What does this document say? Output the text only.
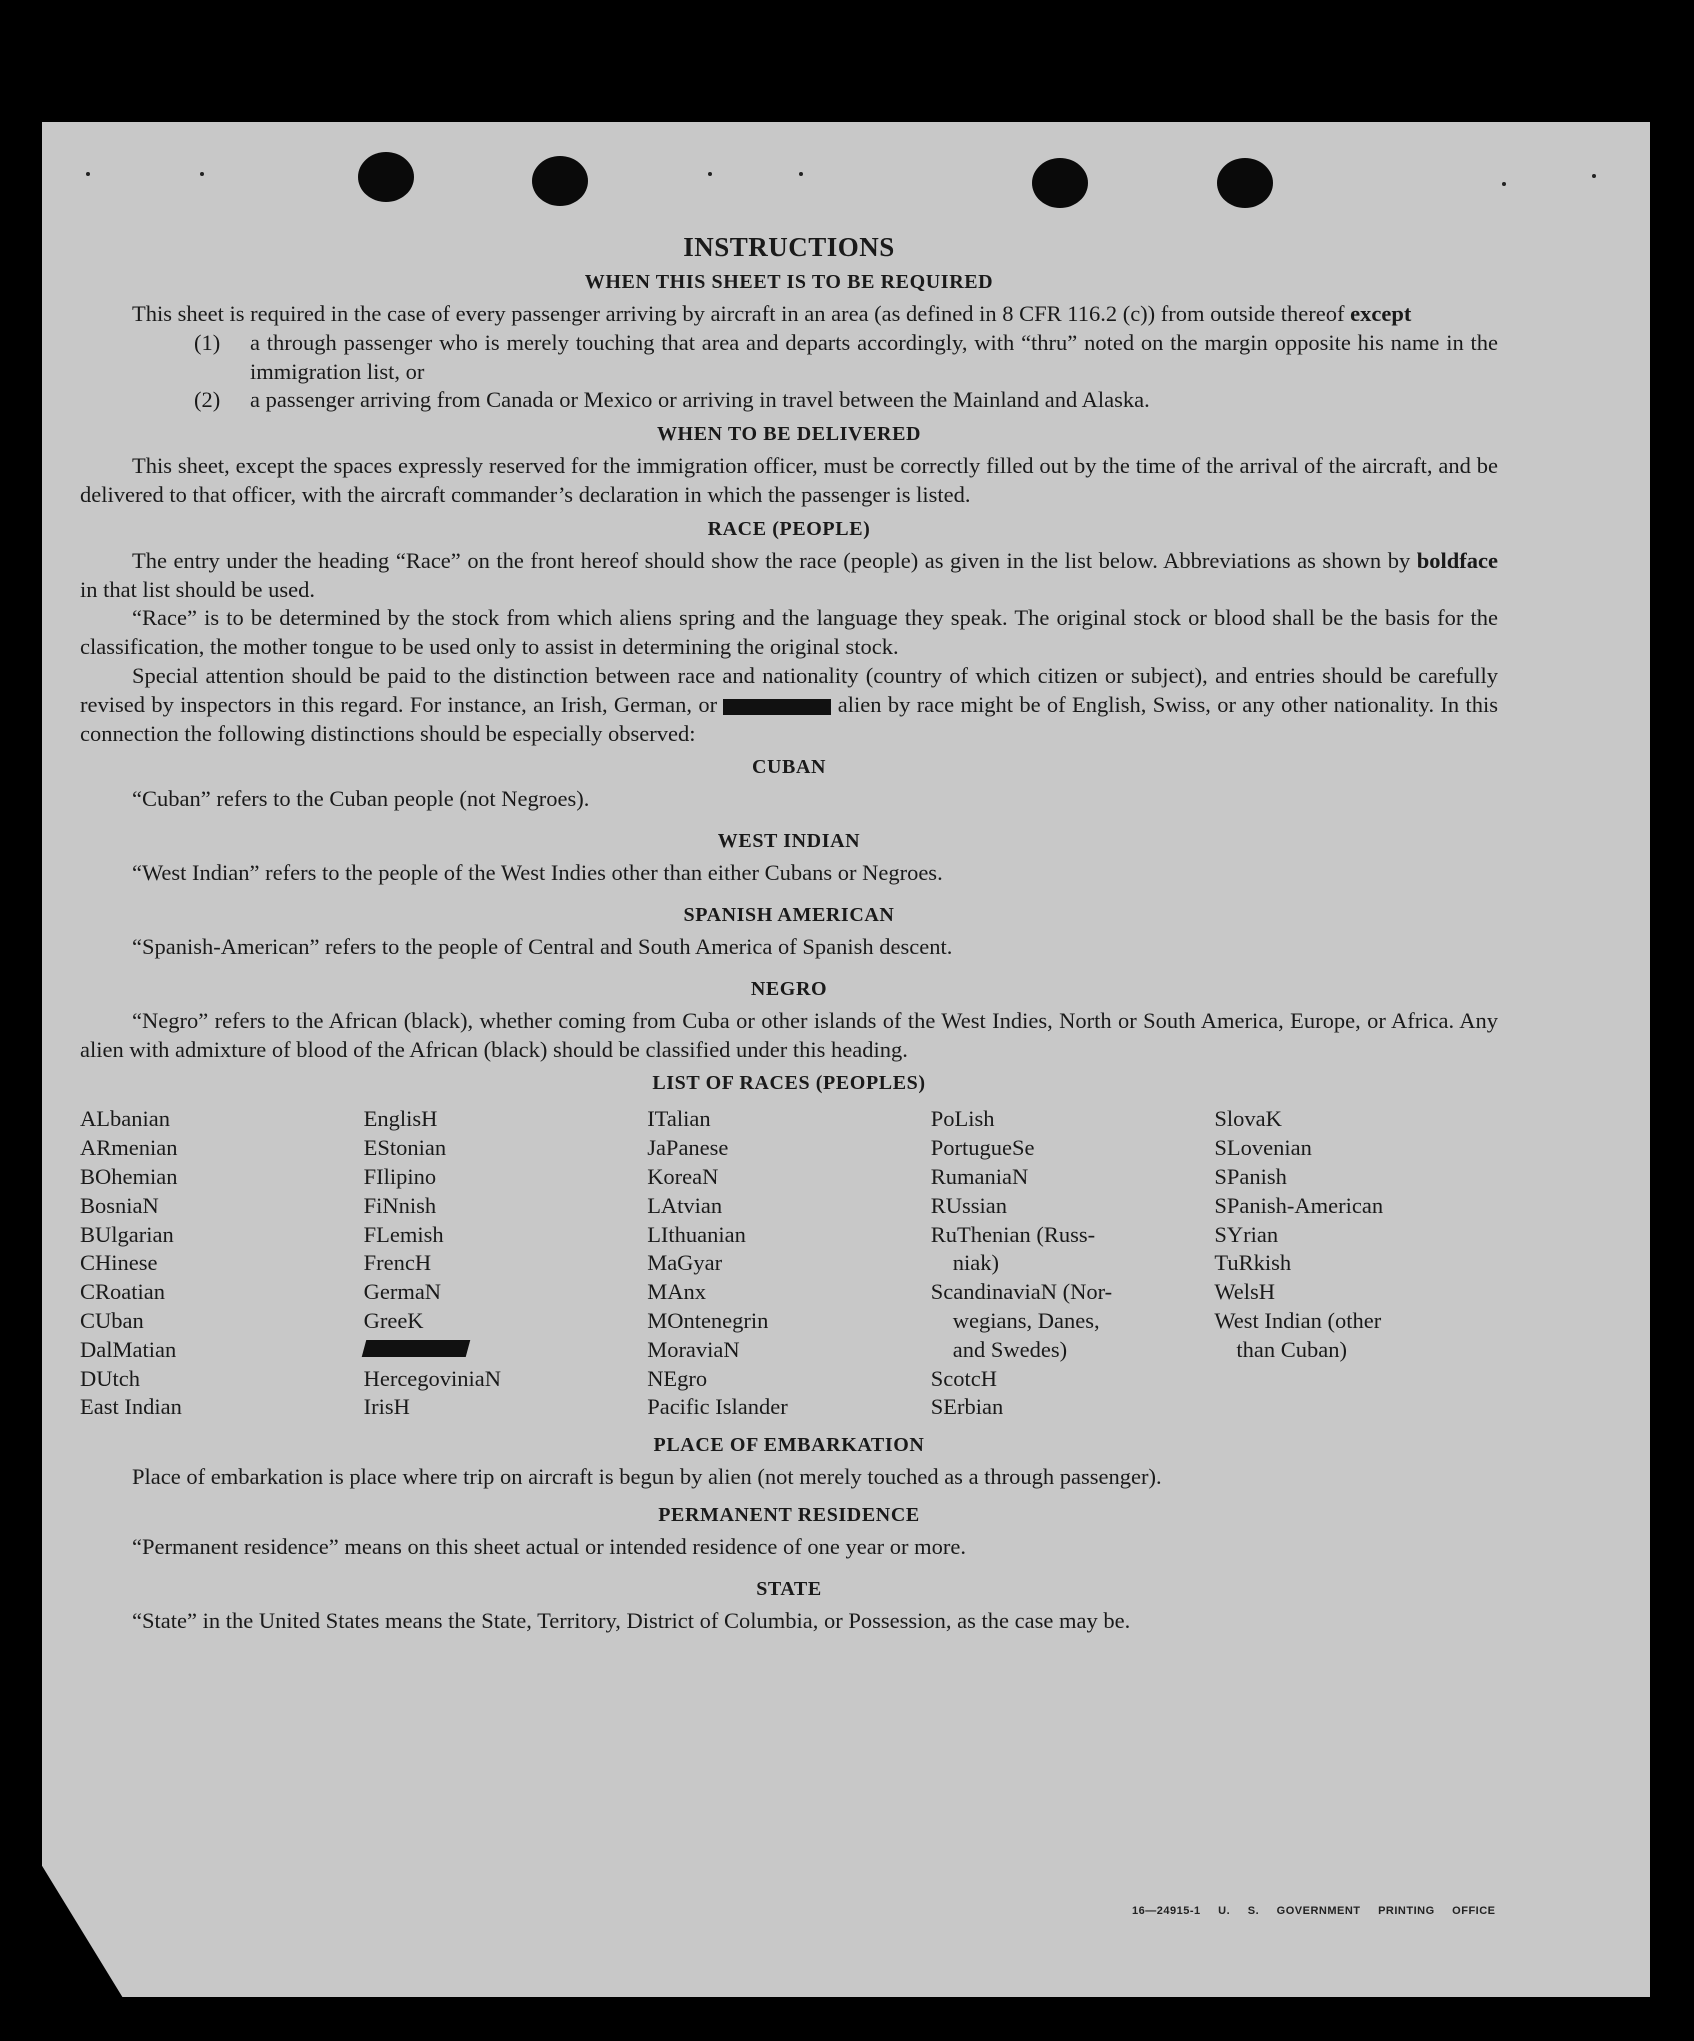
INSTRUCTIONS
WHEN THIS SHEET IS TO BE REQUIRED

This sheet is required in the case of every passenger arriving by aircraft in an area (as defined in 8 CFR 116.2 (c)) from outside thereof except

(1)	a through passenger who is merely touching that area and departs accordingly, with “thru” noted on the margin opposite his name in the immigration list, or
(2)	a passenger arriving from Canada or Mexico or arriving in travel between the Mainland and Alaska.
WHEN TO BE DELIVERED

This sheet, except the spaces expressly reserved for the immigration officer, must be correctly filled out by the time of the arrival of the aircraft, and be delivered to that officer, with the aircraft commander’s declaration in which the passenger is listed.

RACE (PEOPLE)

The entry under the heading “Race” on the front hereof should show the race (people) as given in the list below. Abbreviations as shown by boldface in that list should be used.

“Race” is to be determined by the stock from which aliens spring and the language they speak. The original stock or blood shall be the basis for the classification, the mother tongue to be used only to assist in determining the original stock.

Special attention should be paid to the distinction between race and nationality (country of which citizen or subject), and entries should be carefully revised by inspectors in this regard. For instance, an Irish, German, or	alien by race might be of English, Swiss, or any other nationality. In this connection the following distinctions should be especially observed:

CUBAN

“Cuban” refers to the Cuban people (not Negroes).

WEST INDIAN

“West Indian” refers to the people of the West Indies other than either Cubans or Negroes.

SPANISH AMERICAN

“Spanish-American” refers to the people of Central and South America of Spanish descent.

NEGRO

“Negro” refers to the African (black), whether coming from Cuba or other islands of the West Indies, North or South America, Europe, or Africa. Any alien with admixture of blood of the African (black) should be classified under this heading.

LIST OF RACES (PEOPLES)
ALbanian
ARmenian
BOhemian
BosniaN
BUlgarian
CHinese
CRoatian
CUban
DalMatian
DUtch
East Indian
EnglisH
EStonian
FIlipino
FiNnish
FLemish
FrencH
GermaN
GreeK
HercegoviniaN
IrisH
ITalian
JaPanese
KoreaN
LAtvian
LIthuanian
MaGyar
MAnx
MOntenegrin
MoraviaN
NEgro
Pacific Islander
PoLish
PortugueSe
RumaniaN
RUssian
RuThenian (Russ-
niak)
ScandinaviaN (Nor-
wegians, Danes,
and Swedes)
ScotcH
SErbian
SlovaK
SLovenian
SPanish
SPanish-American
SYrian
TuRkish
WelsH
West Indian (other
than Cuban)
PLACE OF EMBARKATION

Place of embarkation is place where trip on aircraft is begun by alien (not merely touched as a through passenger).

PERMANENT RESIDENCE

“Permanent residence” means on this sheet actual or intended residence of one year or more.

STATE

“State” in the United States means the State, Territory, District of Columbia, or Possession, as the case may be.

16—24915-1 U. S. GOVERNMENT PRINTING OFFICE
